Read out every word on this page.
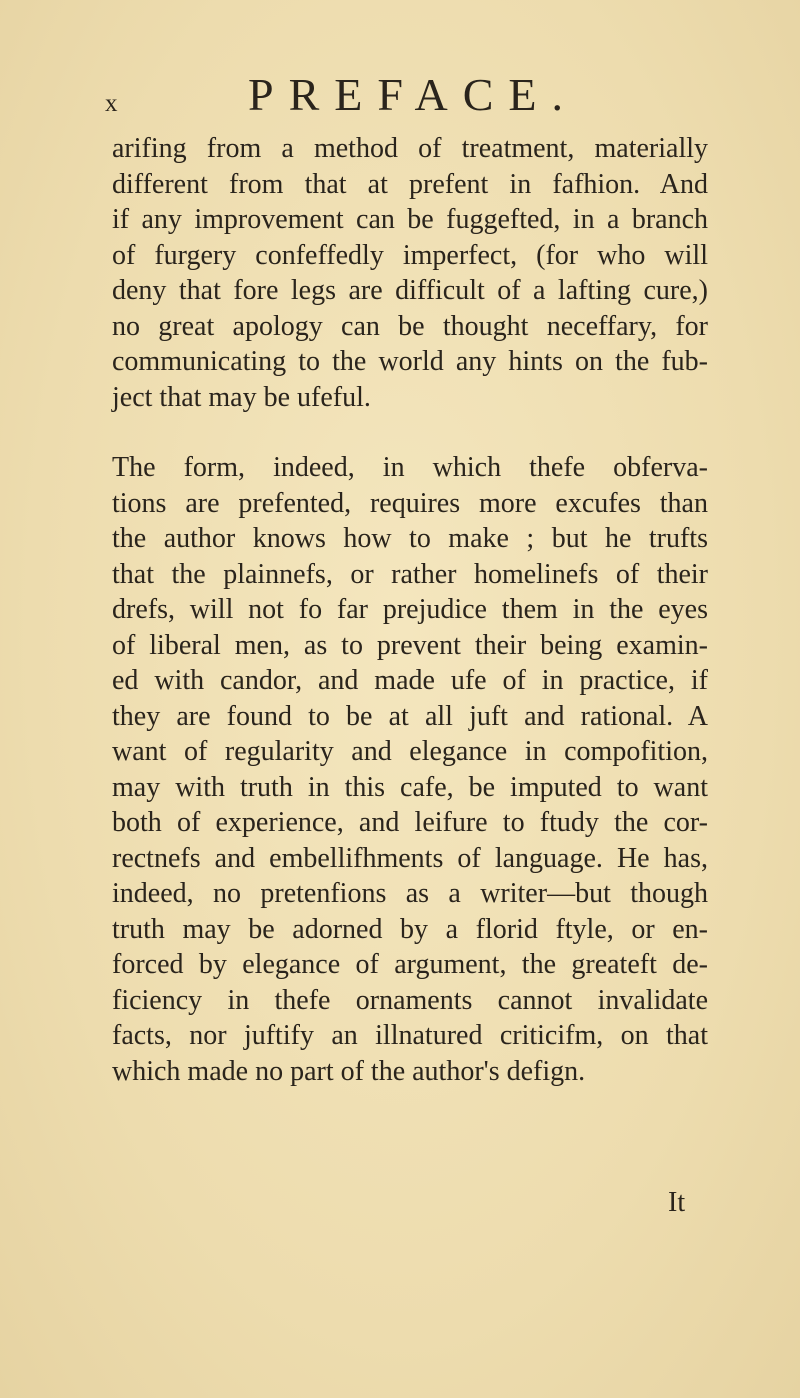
x	PREFACE.
arifing from a method of treatment, materially
different from that at prefent in fafhion. And
if any improvement can be fuggefted, in a branch
of furgery confeffedly imperfect, (for who will
deny that fore legs are difficult of a lafting cure,)
no great apology can be thought neceffary, for
communicating to the world any hints on the fub-
ject that may be ufeful.
The form, indeed, in which thefe obferva-
tions are prefented, requires more excufes than
the author knows how to make ; but he trufts
that the plainnefs, or rather homelinefs of their
drefs, will not fo far prejudice them in the eyes
of liberal men, as to prevent their being examin-
ed with candor, and made ufe of in practice, if
they are found to be at all juft and rational. A
want of regularity and elegance in compofition,
may with truth in this cafe, be imputed to want
both of experience, and leifure to ftudy the cor-
rectnefs and embellifhments of language. He has,
indeed, no pretenfions as a writer—but though
truth may be adorned by a florid ftyle, or en-
forced by elegance of argument, the greateft de-
ficiency in thefe ornaments cannot invalidate
facts, nor juftify an illnatured criticifm, on that
which made no part of the author's defign.
It
